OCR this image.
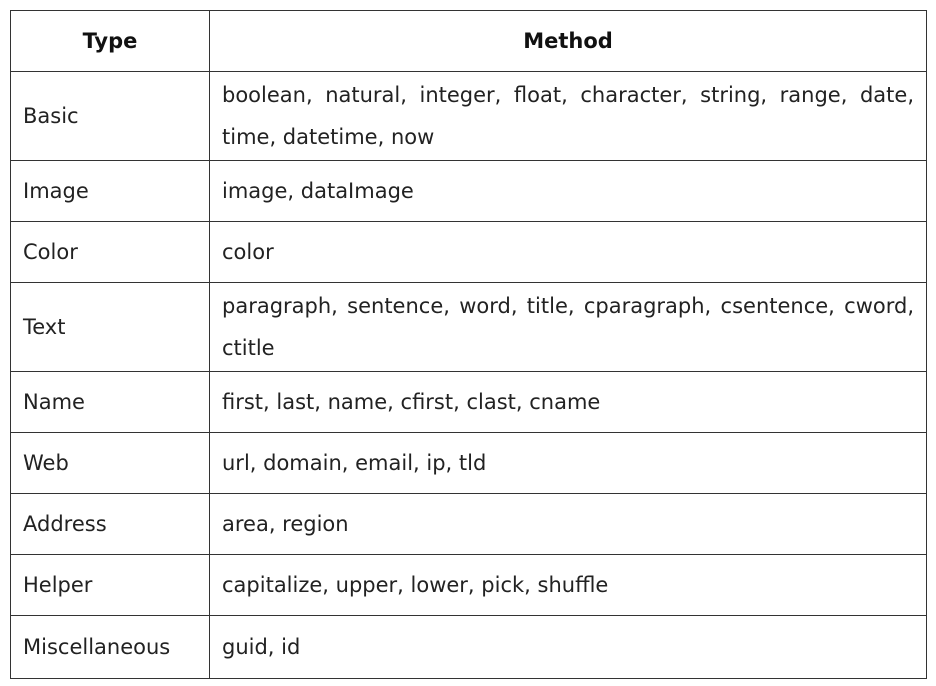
Type	Method
Basic	boolean, natural, integer, float, character, string, range, date, time, datetime, now
Image	image, dataImage
Color	color
Text	paragraph, sentence, word, title, cparagraph, csentence, cword, ctitle
Name	first, last, name, cfirst, clast, cname
Web	url, domain, email, ip, tld
Address	area, region
Helper	capitalize, upper, lower, pick, shuffle
Miscellaneous	guid, id
